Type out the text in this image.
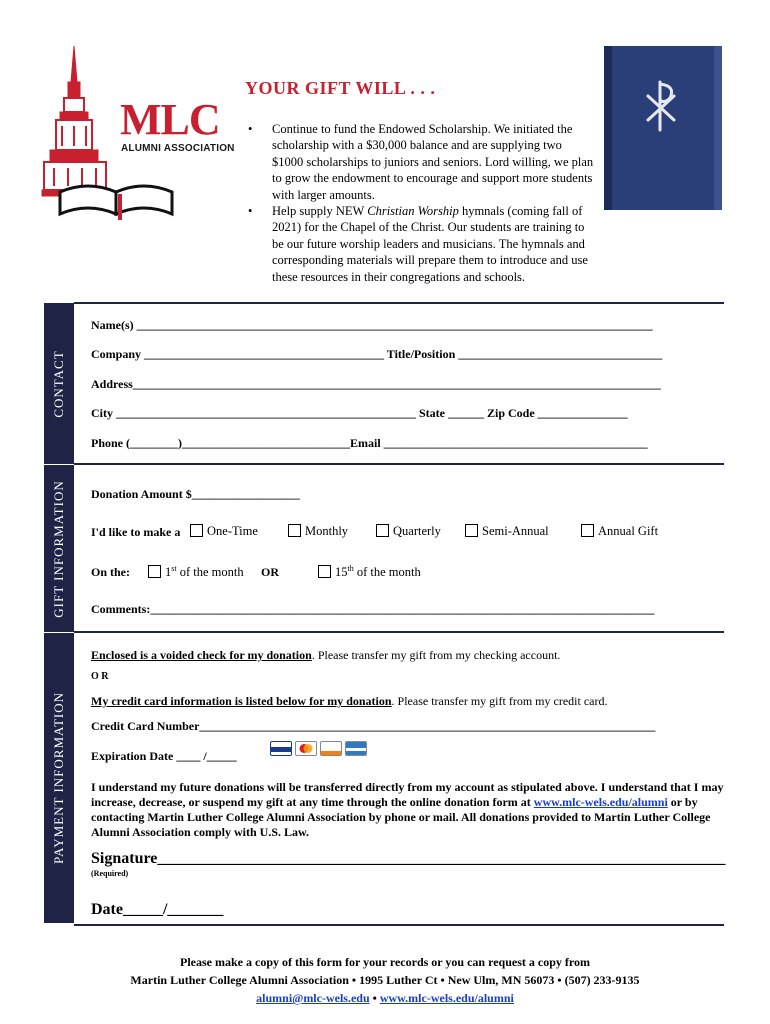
MLC
ALUMNI ASSOCIATION
YOUR GIFT WILL . . .

• Continue to fund the Endowed Scholarship. We initiated the scholarship with a $30,000 balance and are supplying two $1000 scholarships to juniors and seniors. Lord willing, we plan to grow the endowment to encourage and support more students with larger amounts.

• Help supply NEW Christian Worship hymnals (coming fall of 2021) for the Chapel of the Christ. Our students are training to be our future worship leaders and musicians. The hymnals and corresponding materials will prepare them to introduce and use these resources in their congregations and schools.

CONTACT
GIFT INFORMATION
PAYMENT INFORMATION
Name(s) ______________________________________________________________________________________
Company ________________________________________ Title/Position __________________________________
Address________________________________________________________________________________________
City __________________________________________________ State ______ Zip Code _______________
Phone (________)____________________________Email ____________________________________________
Donation Amount $__________________
I'd like to make a	One-Time	Monthly	Quarterly	Semi-Annual	Annual Gift
On the:	1st of the month OR	15th of the month
Comments:____________________________________________________________________________________
Enclosed is a voided check for my donation. Please transfer my gift from my checking account.
O R
My credit card information is listed below for my donation. Please transfer my gift from my credit card.
Credit Card Number____________________________________________________________________________
Expiration Date ____ /_____
I understand my future donations will be transferred directly from my account as stipulated above. I understand that I may increase, decrease, or suspend my gift at any time through the online donation form at www.mlc-wels.edu/alumni or by contacting Martin Luther College Alumni Association by phone or mail. All donations provided to Martin Luther College Alumni Association comply with U.S. Law.
Signature_______________________________________________________________________
(Required)
Date_____/_______
Please make a copy of this form for your records or you can request a copy from
Martin Luther College Alumni Association • 1995 Luther Ct • New Ulm, MN 56073 • (507) 233-9135
alumni@mlc-wels.edu • www.mlc-wels.edu/alumni
